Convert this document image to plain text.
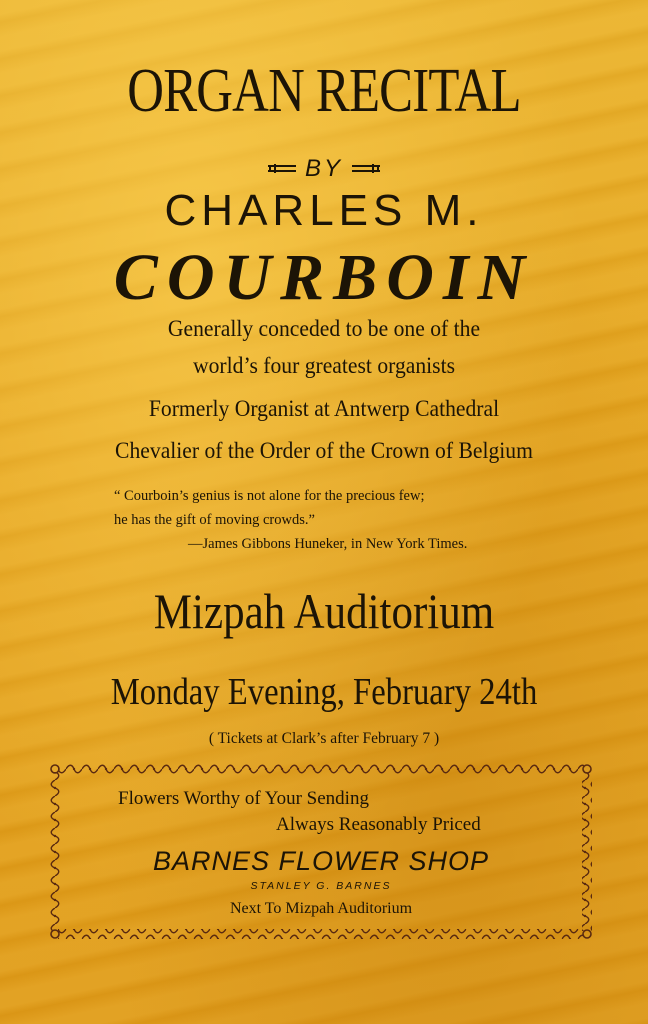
ORGAN RECITAL
BY
CHARLES M.
COURBOIN
Generally conceded to be one of the
world’s four greatest organists
Formerly Organist at Antwerp Cathedral
Chevalier of the Order of the Crown of Belgium
“ Courboin’s genius is not alone for the precious few;
he has the gift of moving crowds.”
—James Gibbons Huneker, in New York Times.
Mizpah Auditorium
Monday Evening, February 24th
( Tickets at Clark’s after February 7 )
Flowers Worthy of Your Sending
Always Reasonably Priced
BARNES FLOWER SHOP
STANLEY G. BARNES
Next To Mizpah Auditorium
